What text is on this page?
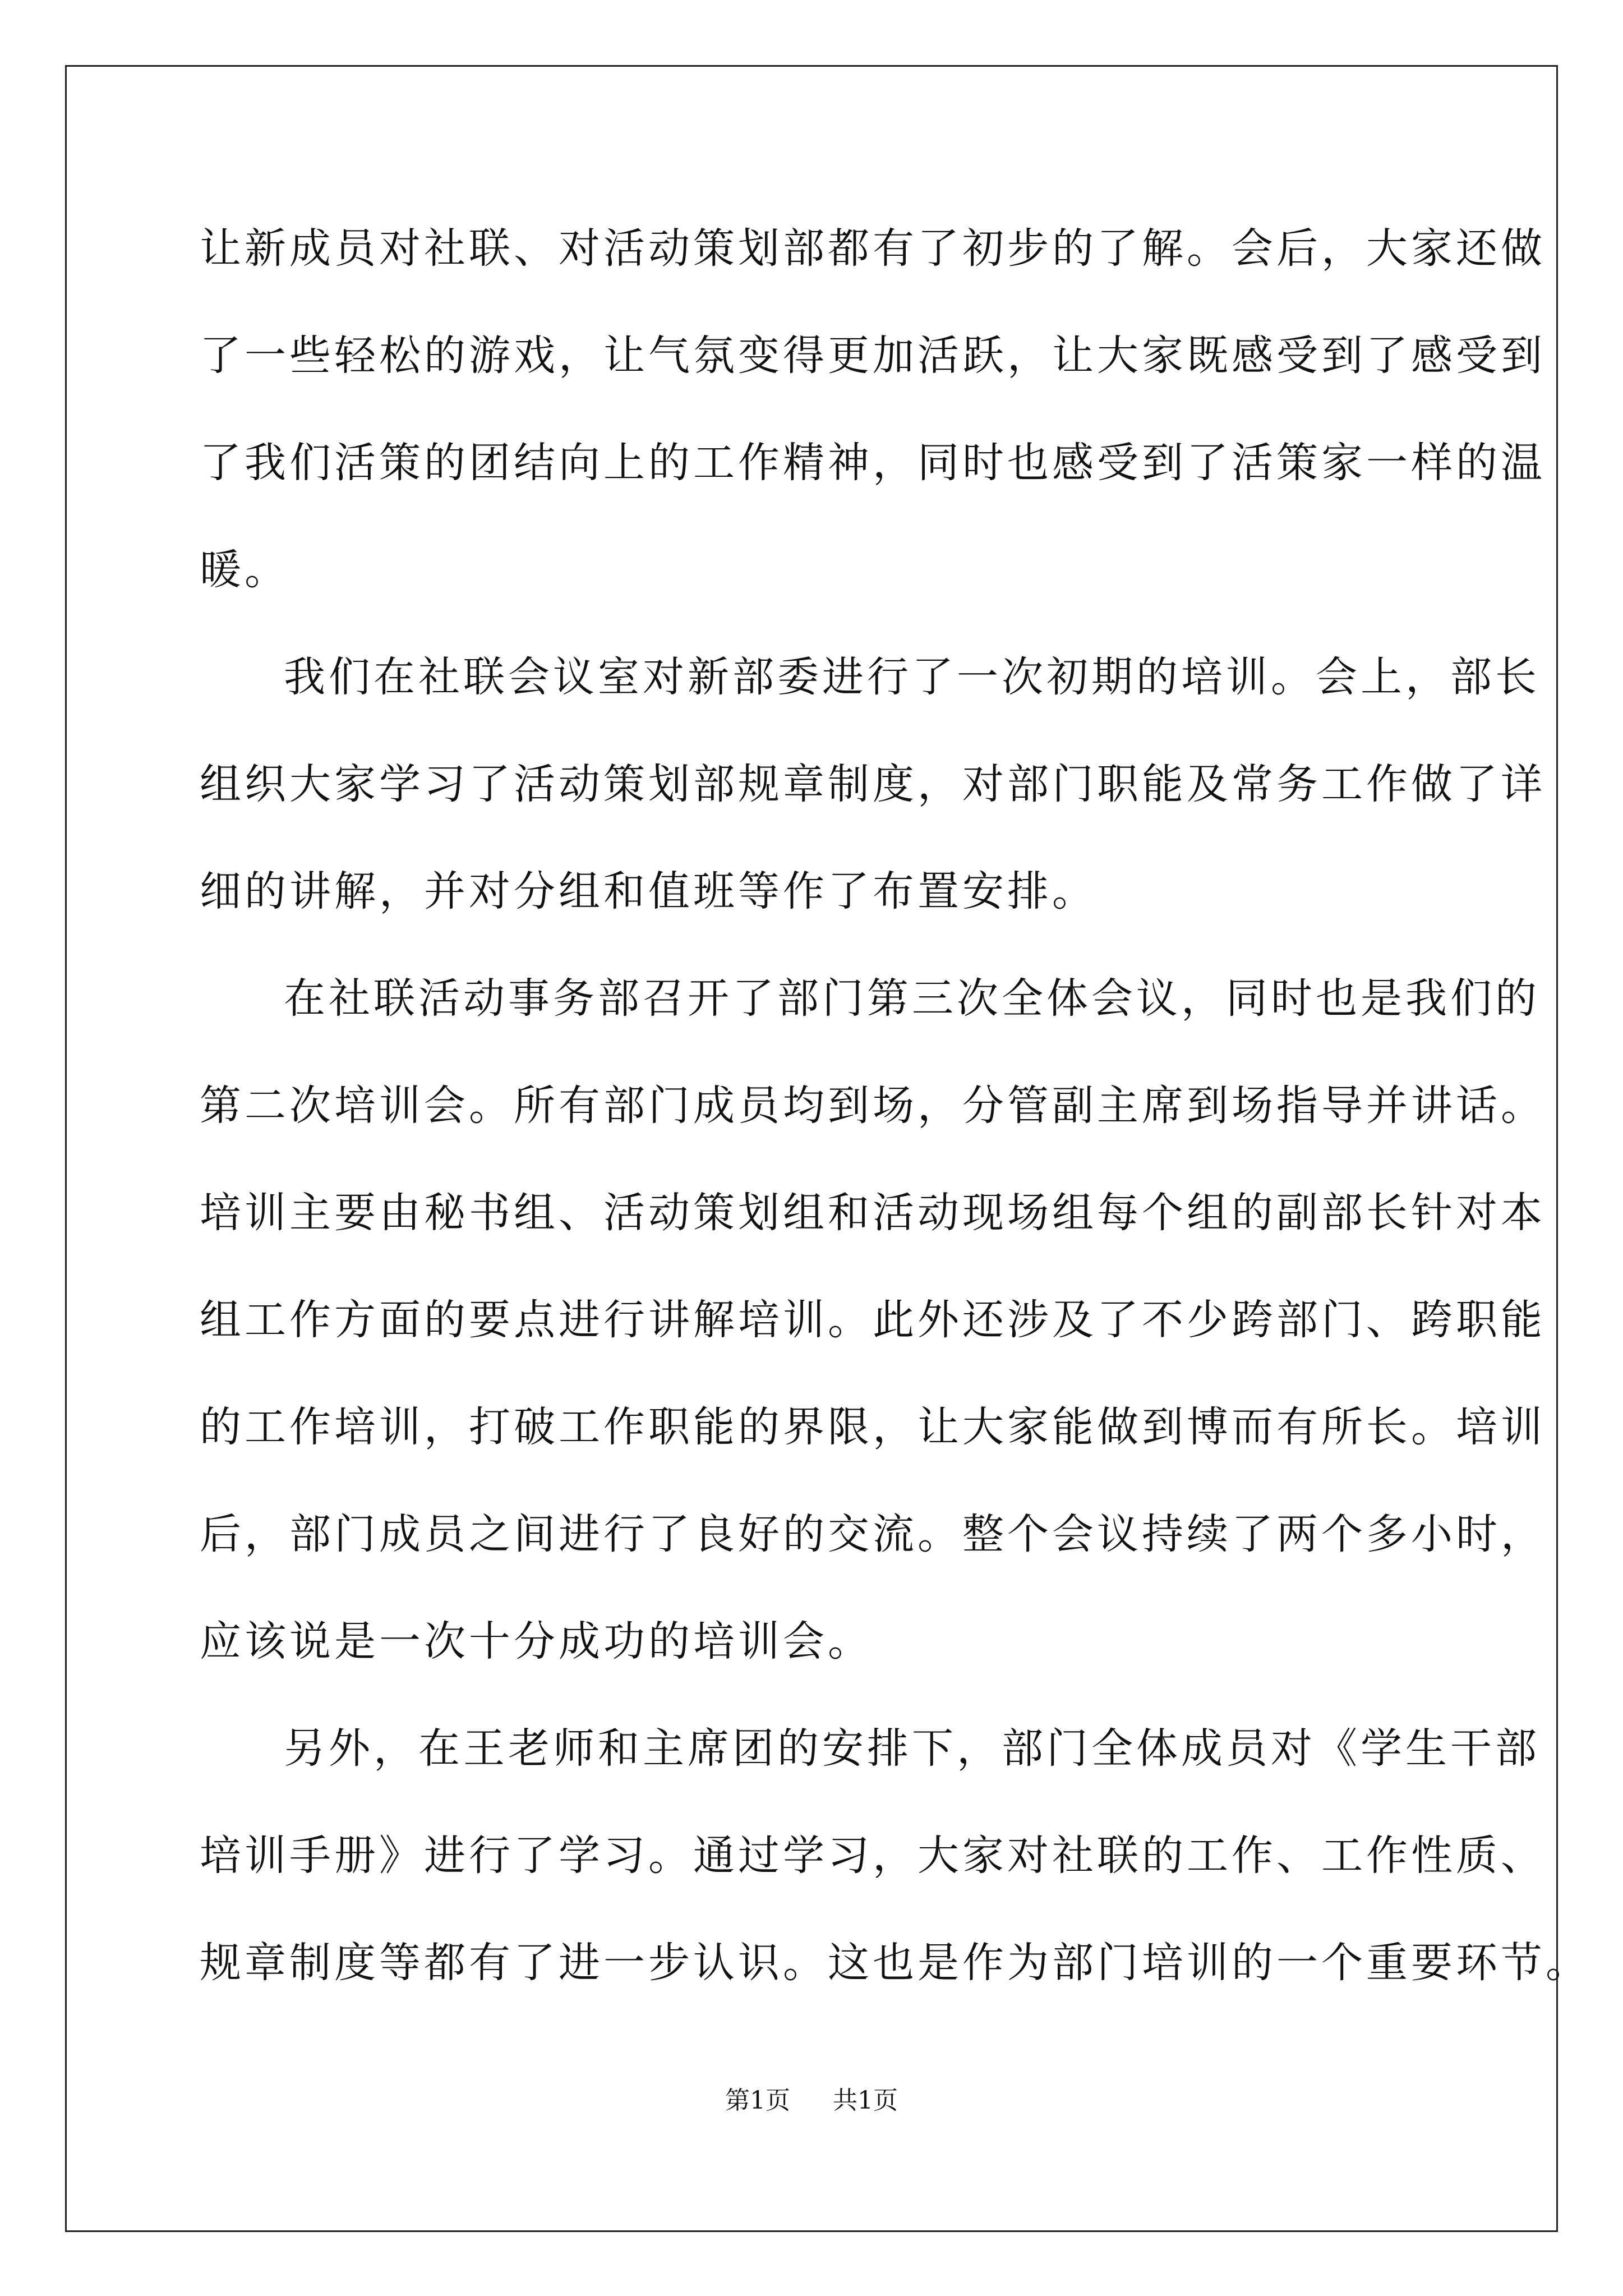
让新成员对社联、对活动策划部都有了初步的了解。会后，大家还做
了一些轻松的游戏，让气氛变得更加活跃，让大家既感受到了感受到
了我们活策的团结向上的工作精神，同时也感受到了活策家一样的温
暖。
我们在社联会议室对新部委进行了一次初期的培训。会上，部长
组织大家学习了活动策划部规章制度，对部门职能及常务工作做了详
细的讲解，并对分组和值班等作了布置安排。
在社联活动事务部召开了部门第三次全体会议，同时也是我们的
第二次培训会。所有部门成员均到场，分管副主席到场指导并讲话。
培训主要由秘书组、活动策划组和活动现场组每个组的副部长针对本
组工作方面的要点进行讲解培训。此外还涉及了不少跨部门、跨职能
的工作培训，打破工作职能的界限，让大家能做到博而有所长。培训
后，部门成员之间进行了良好的交流。整个会议持续了两个多小时，
应该说是一次十分成功的培训会。
另外，在王老师和主席团的安排下，部门全体成员对《学生干部
培训手册》进行了学习。通过学习，大家对社联的工作、工作性质、
规章制度等都有了进一步认识。这也是作为部门培训的一个重要环节。
第1页 共1页
